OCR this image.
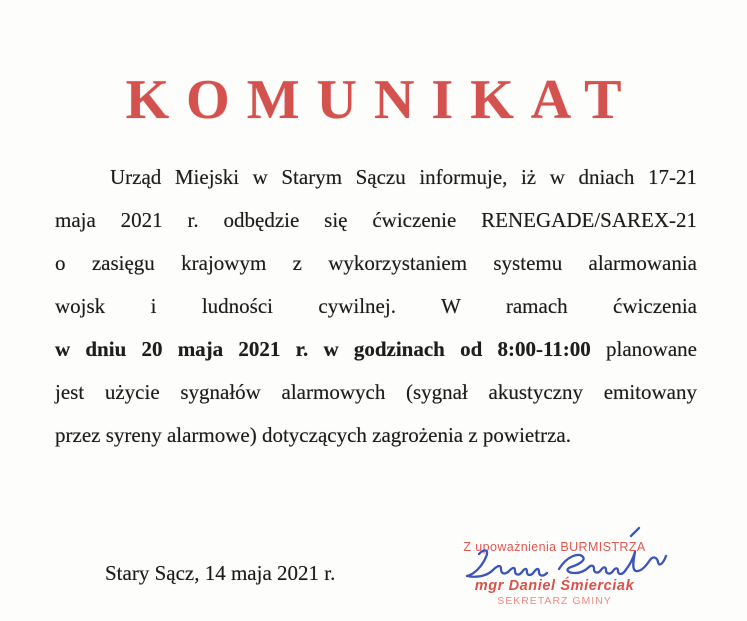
KOMUNIKAT
Urząd Miejski w Starym Sączu informuje, iż w dniach 17-21
maja 2021 r. odbędzie się ćwiczenie RENEGADE/SAREX-21
o zasięgu krajowym z wykorzystaniem systemu alarmowania
wojsk i ludności cywilnej. W ramach ćwiczenia
w dniu 20 maja 2021 r. w godzinach od 8:00-11:00 planowane
jest użycie sygnałów alarmowych (sygnał akustyczny emitowany
przez syreny alarmowe) dotyczących zagrożenia z powietrza.
Stary Sącz, 14 maja 2021 r.
Z upoważnienia BURMISTRZA
mgr Daniel Śmierciak
SEKRETARZ GMINY
